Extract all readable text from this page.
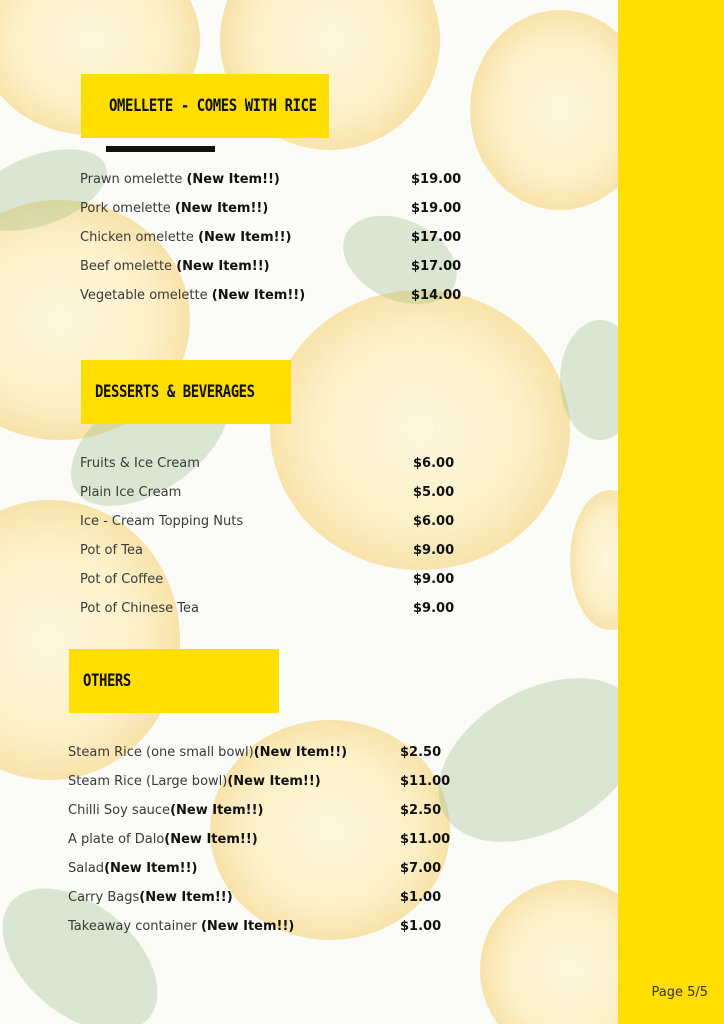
OMELLETE - COMES WITH RICE
Prawn omelette (New Item!!)	$19.00
Pork omelette (New Item!!)	$19.00
Chicken omelette (New Item!!)	$17.00
Beef omelette (New Item!!)	$17.00
Vegetable omelette (New Item!!)	$14.00
DESSERTS & BEVERAGES
Fruits & Ice Cream	$6.00
Plain Ice Cream	$5.00
Ice - Cream Topping Nuts	$6.00
Pot of Tea	$9.00
Pot of Coffee	$9.00
Pot of Chinese Tea	$9.00
OTHERS
Steam Rice (one small bowl)(New Item!!)	$2.50
Steam Rice (Large bowl)(New Item!!)	$11.00
Chilli Soy sauce(New Item!!)	$2.50
A plate of Dalo(New Item!!)	$11.00
Salad(New Item!!)	$7.00
Carry Bags(New Item!!)	$1.00
Takeaway container (New Item!!)	$1.00
Page 5/5
